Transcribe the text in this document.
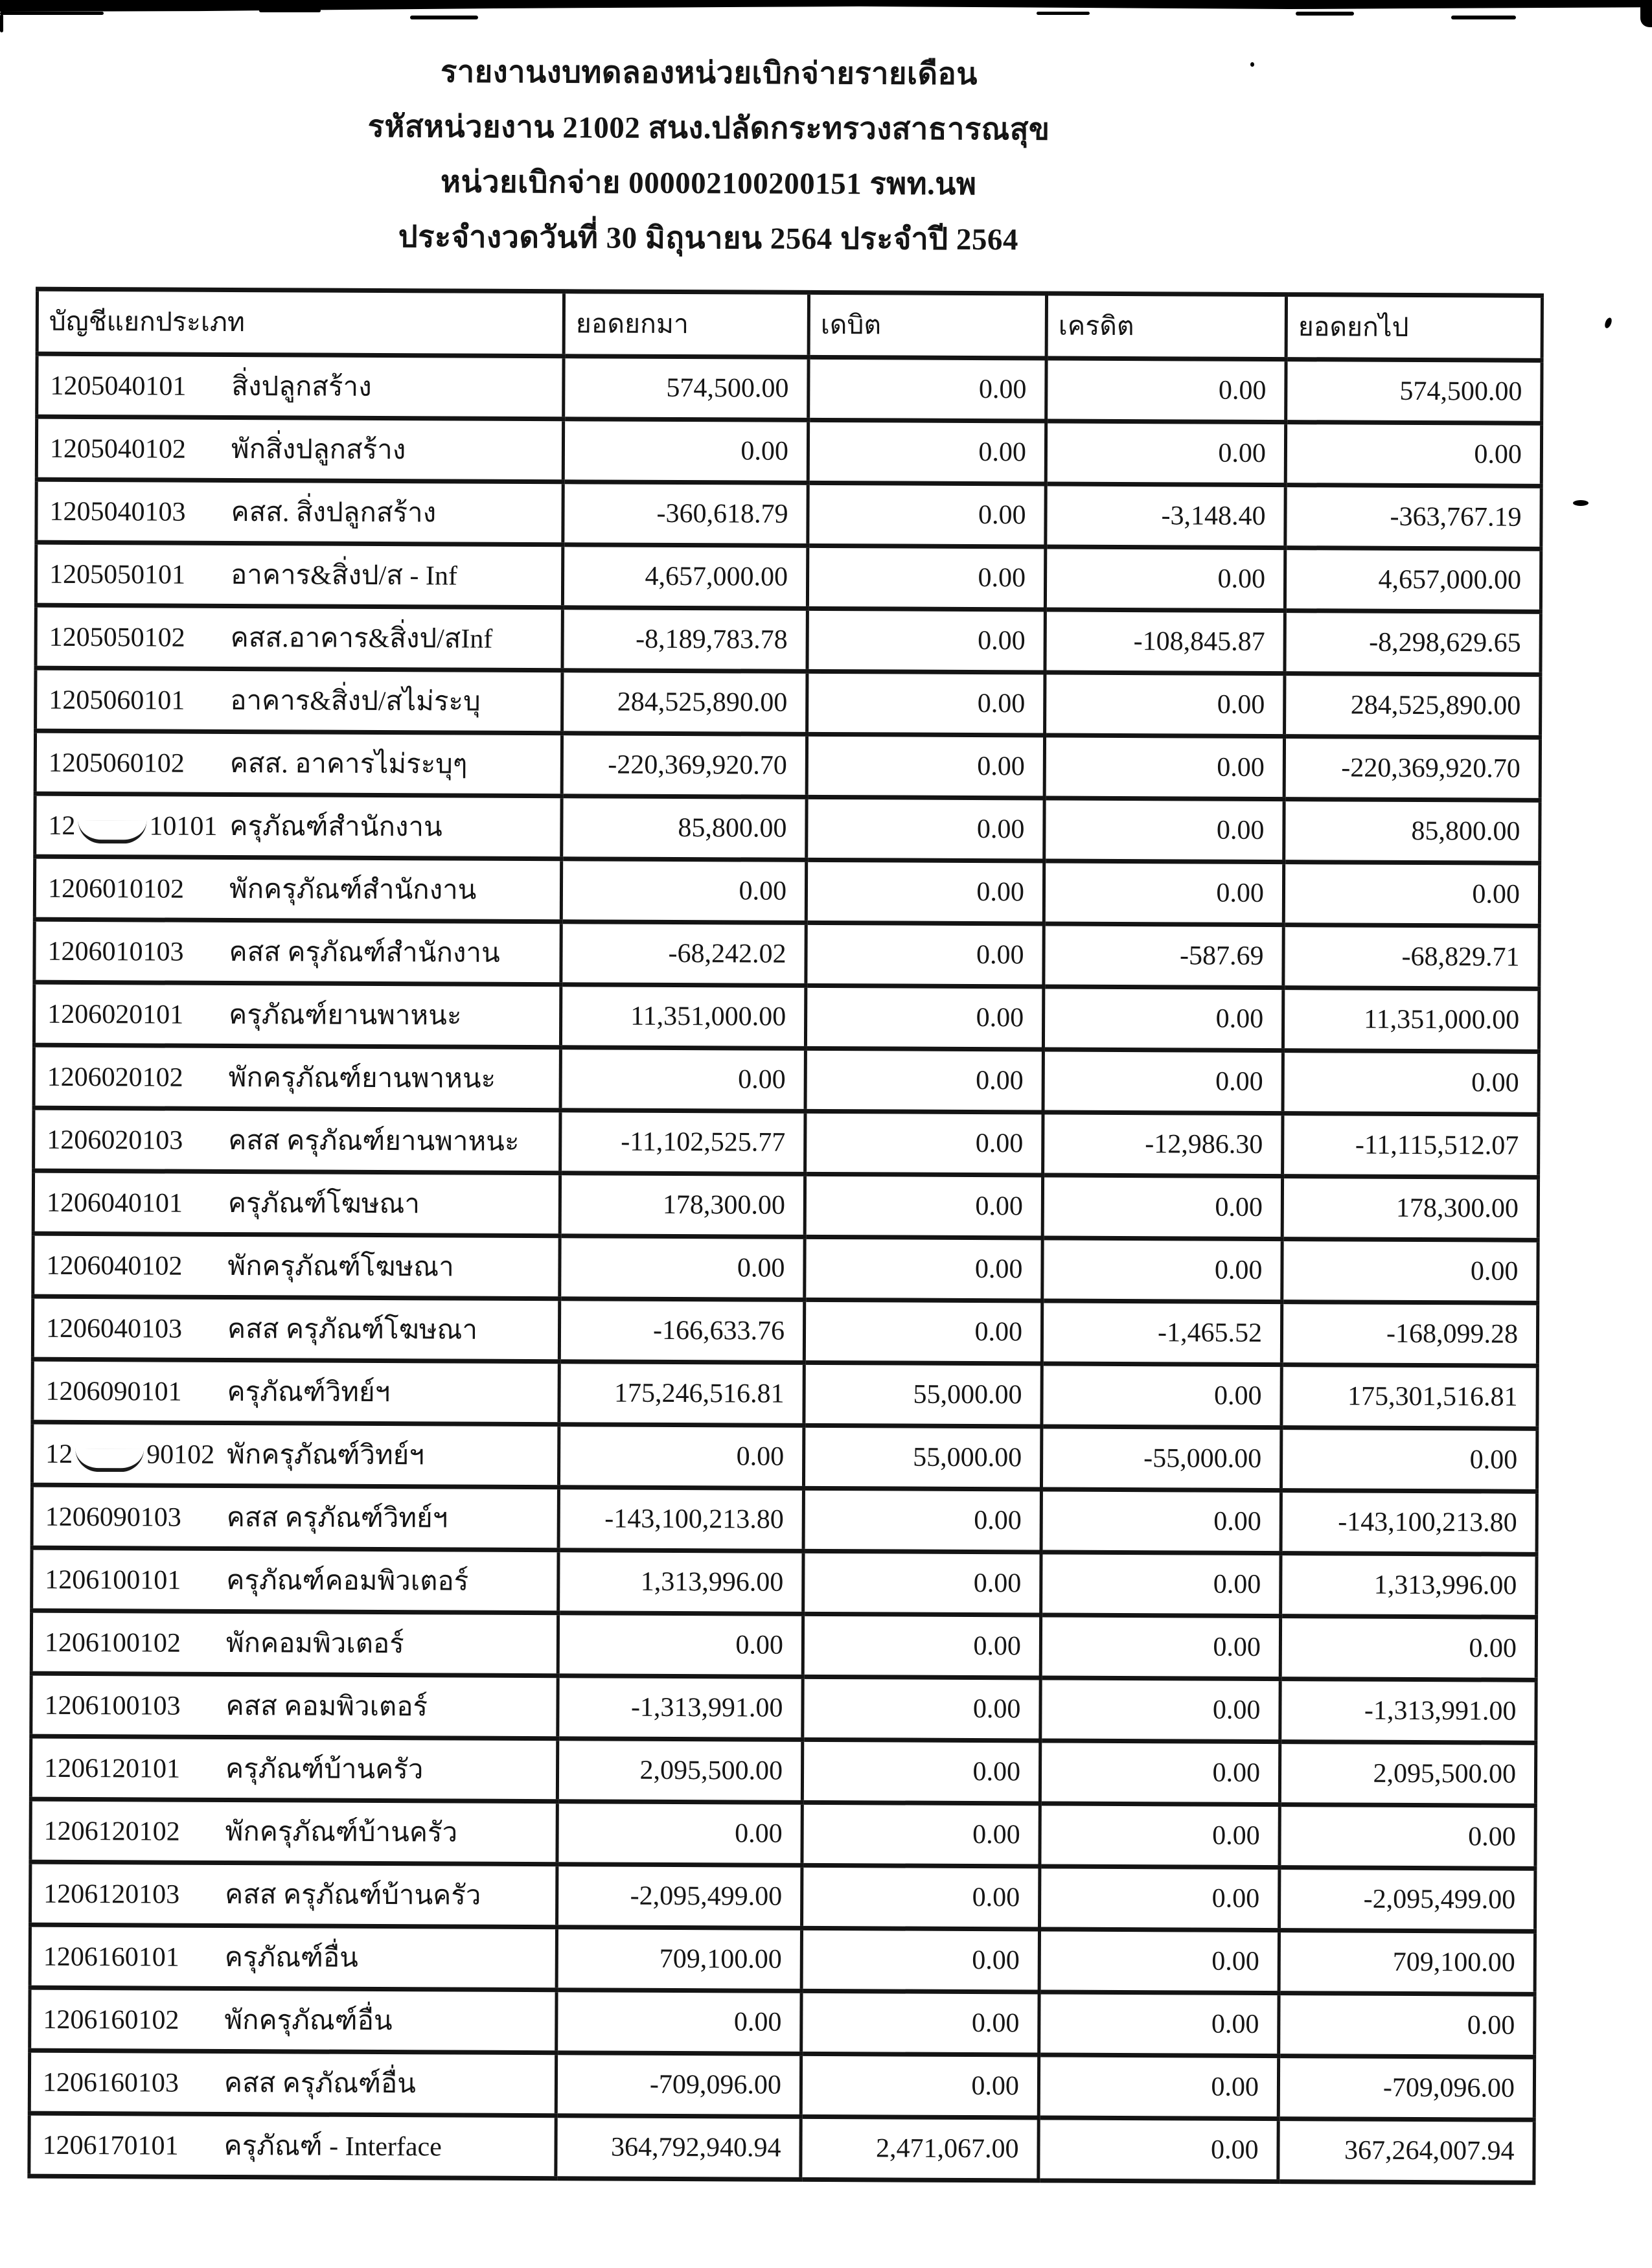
รายงานงบทดลองหน่วยเบิกจ่ายรายเดือน
รหัสหน่วยงาน 21002 สนง.ปลัดกระทรวงสาธารณสุข
หน่วยเบิกจ่าย 000002100200151 รพท.นพ
ประจำงวดวันที่ 30 มิถุนายน 2564 ประจำปี 2564
บัญชีแยกประเภท	ยอดยกมา	เดบิต	เครดิต	ยอดยกไป
1205040101 สิ่งปลูกสร้าง	574,500.00	0.00	0.00	574,500.00
1205040102 พักสิ่งปลูกสร้าง	0.00	0.00	0.00	0.00
1205040103 คสส. สิ่งปลูกสร้าง	-360,618.79	0.00	-3,148.40	-363,767.19
1205050101 อาคาร&สิ่งป/ส - Inf	4,657,000.00	0.00	0.00	4,657,000.00
1205050102 คสส.อาคาร&สิ่งป/สInf	-8,189,783.78	0.00	-108,845.87	-8,298,629.65
1205060101 อาคาร&สิ่งป/สไม่ระบุ	284,525,890.00	0.00	0.00	284,525,890.00
1205060102 คสส. อาคารไม่ระบุๆ	-220,369,920.70	0.00	0.00	-220,369,920.70
12 10101 ครุภัณฑ์สำนักงาน	85,800.00	0.00	0.00	85,800.00
1206010102 พักครุภัณฑ์สำนักงาน	0.00	0.00	0.00	0.00
1206010103 คสส ครุภัณฑ์สำนักงาน	-68,242.02	0.00	-587.69	-68,829.71
1206020101 ครุภัณฑ์ยานพาหนะ	11,351,000.00	0.00	0.00	11,351,000.00
1206020102 พักครุภัณฑ์ยานพาหนะ	0.00	0.00	0.00	0.00
1206020103 คสส ครุภัณฑ์ยานพาหนะ	-11,102,525.77	0.00	-12,986.30	-11,115,512.07
1206040101 ครุภัณฑ์โฆษณา	178,300.00	0.00	0.00	178,300.00
1206040102 พักครุภัณฑ์โฆษณา	0.00	0.00	0.00	0.00
1206040103 คสส ครุภัณฑ์โฆษณา	-166,633.76	0.00	-1,465.52	-168,099.28
1206090101 ครุภัณฑ์วิทย์ฯ	175,246,516.81	55,000.00	0.00	175,301,516.81
12 90102 พักครุภัณฑ์วิทย์ฯ	0.00	55,000.00	-55,000.00	0.00
1206090103 คสส ครุภัณฑ์วิทย์ฯ	-143,100,213.80	0.00	0.00	-143,100,213.80
1206100101 ครุภัณฑ์คอมพิวเตอร์	1,313,996.00	0.00	0.00	1,313,996.00
1206100102 พักคอมพิวเตอร์	0.00	0.00	0.00	0.00
1206100103 คสส คอมพิวเตอร์	-1,313,991.00	0.00	0.00	-1,313,991.00
1206120101 ครุภัณฑ์บ้านครัว	2,095,500.00	0.00	0.00	2,095,500.00
1206120102 พักครุภัณฑ์บ้านครัว	0.00	0.00	0.00	0.00
1206120103 คสส ครุภัณฑ์บ้านครัว	-2,095,499.00	0.00	0.00	-2,095,499.00
1206160101 ครุภัณฑ์อื่น	709,100.00	0.00	0.00	709,100.00
1206160102 พักครุภัณฑ์อื่น	0.00	0.00	0.00	0.00
1206160103 คสส ครุภัณฑ์อื่น	-709,096.00	0.00	0.00	-709,096.00
1206170101 ครุภัณฑ์ - Interface	364,792,940.94	2,471,067.00	0.00	367,264,007.94
